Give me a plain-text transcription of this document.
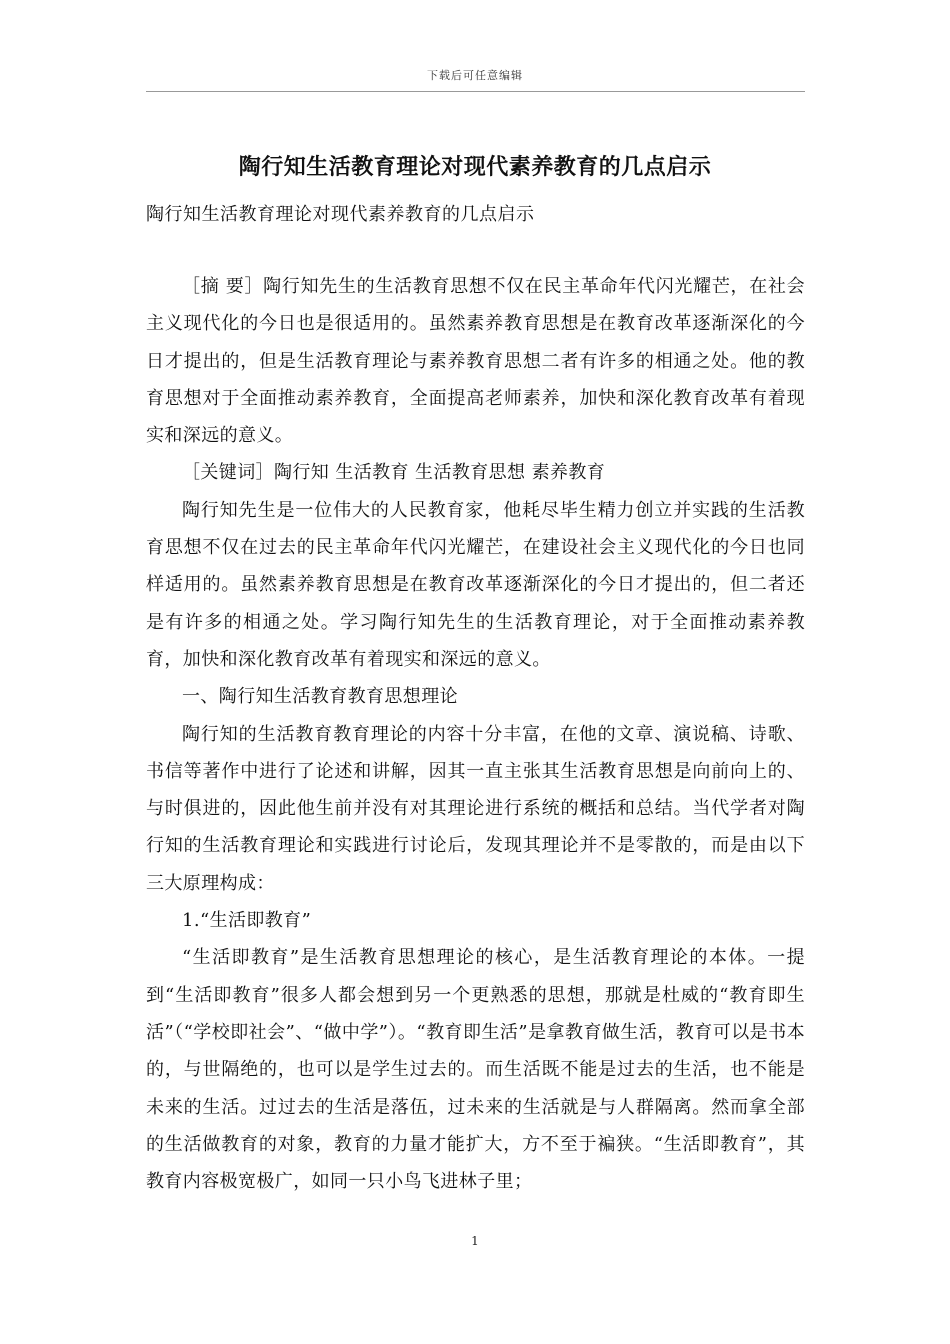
下载后可任意编辑
陶行知生活教育理论对现代素养教育的几点启示
陶行知生活教育理论对现代素养教育的几点启示

［摘 要］陶行知先生的生活教育思想不仅在民主革命年代闪光耀芒，在社会主义现代化的今日也是很适用的。虽然素养教育思想是在教育改革逐渐深化的今日才提出的，但是生活教育理论与素养教育思想二者有许多的相通之处。他的教育思想对于全面推动素养教育，全面提高老师素养，加快和深化教育改革有着现实和深远的意义。

［关键词］陶行知 生活教育 生活教育思想 素养教育

陶行知先生是一位伟大的人民教育家，他耗尽毕生精力创立并实践的生活教育思想不仅在过去的民主革命年代闪光耀芒，在建设社会主义现代化的今日也同样适用的。虽然素养教育思想是在教育改革逐渐深化的今日才提出的，但二者还是有许多的相通之处。学习陶行知先生的生活教育理论，对于全面推动素养教育，加快和深化教育改革有着现实和深远的意义。

一、陶行知生活教育教育思想理论

陶行知的生活教育教育理论的内容十分丰富，在他的文章、演说稿、诗歌、书信等著作中进行了论述和讲解，因其一直主张其生活教育思想是向前向上的、与时俱进的，因此他生前并没有对其理论进行系统的概括和总结。当代学者对陶行知的生活教育理论和实践进行讨论后，发现其理论并不是零散的，而是由以下三大原理构成：

1.“生活即教育”

“生活即教育”是生活教育思想理论的核心，是生活教育理论的本体。一提到“生活即教育”很多人都会想到另一个更熟悉的思想，那就是杜威的“教育即生活”（“学校即社会”、“做中学”）。“教育即生活”是拿教育做生活，教育可以是书本的，与世隔绝的，也可以是学生过去的。而生活既不能是过去的生活，也不能是未来的生活。过过去的生活是落伍，过未来的生活就是与人群隔离。然而拿全部的生活做教育的对象，教育的力量才能扩大，方不至于褊狭。“生活即教育”，其教育内容极宽极广，如同一只小鸟飞进林子里；

1
